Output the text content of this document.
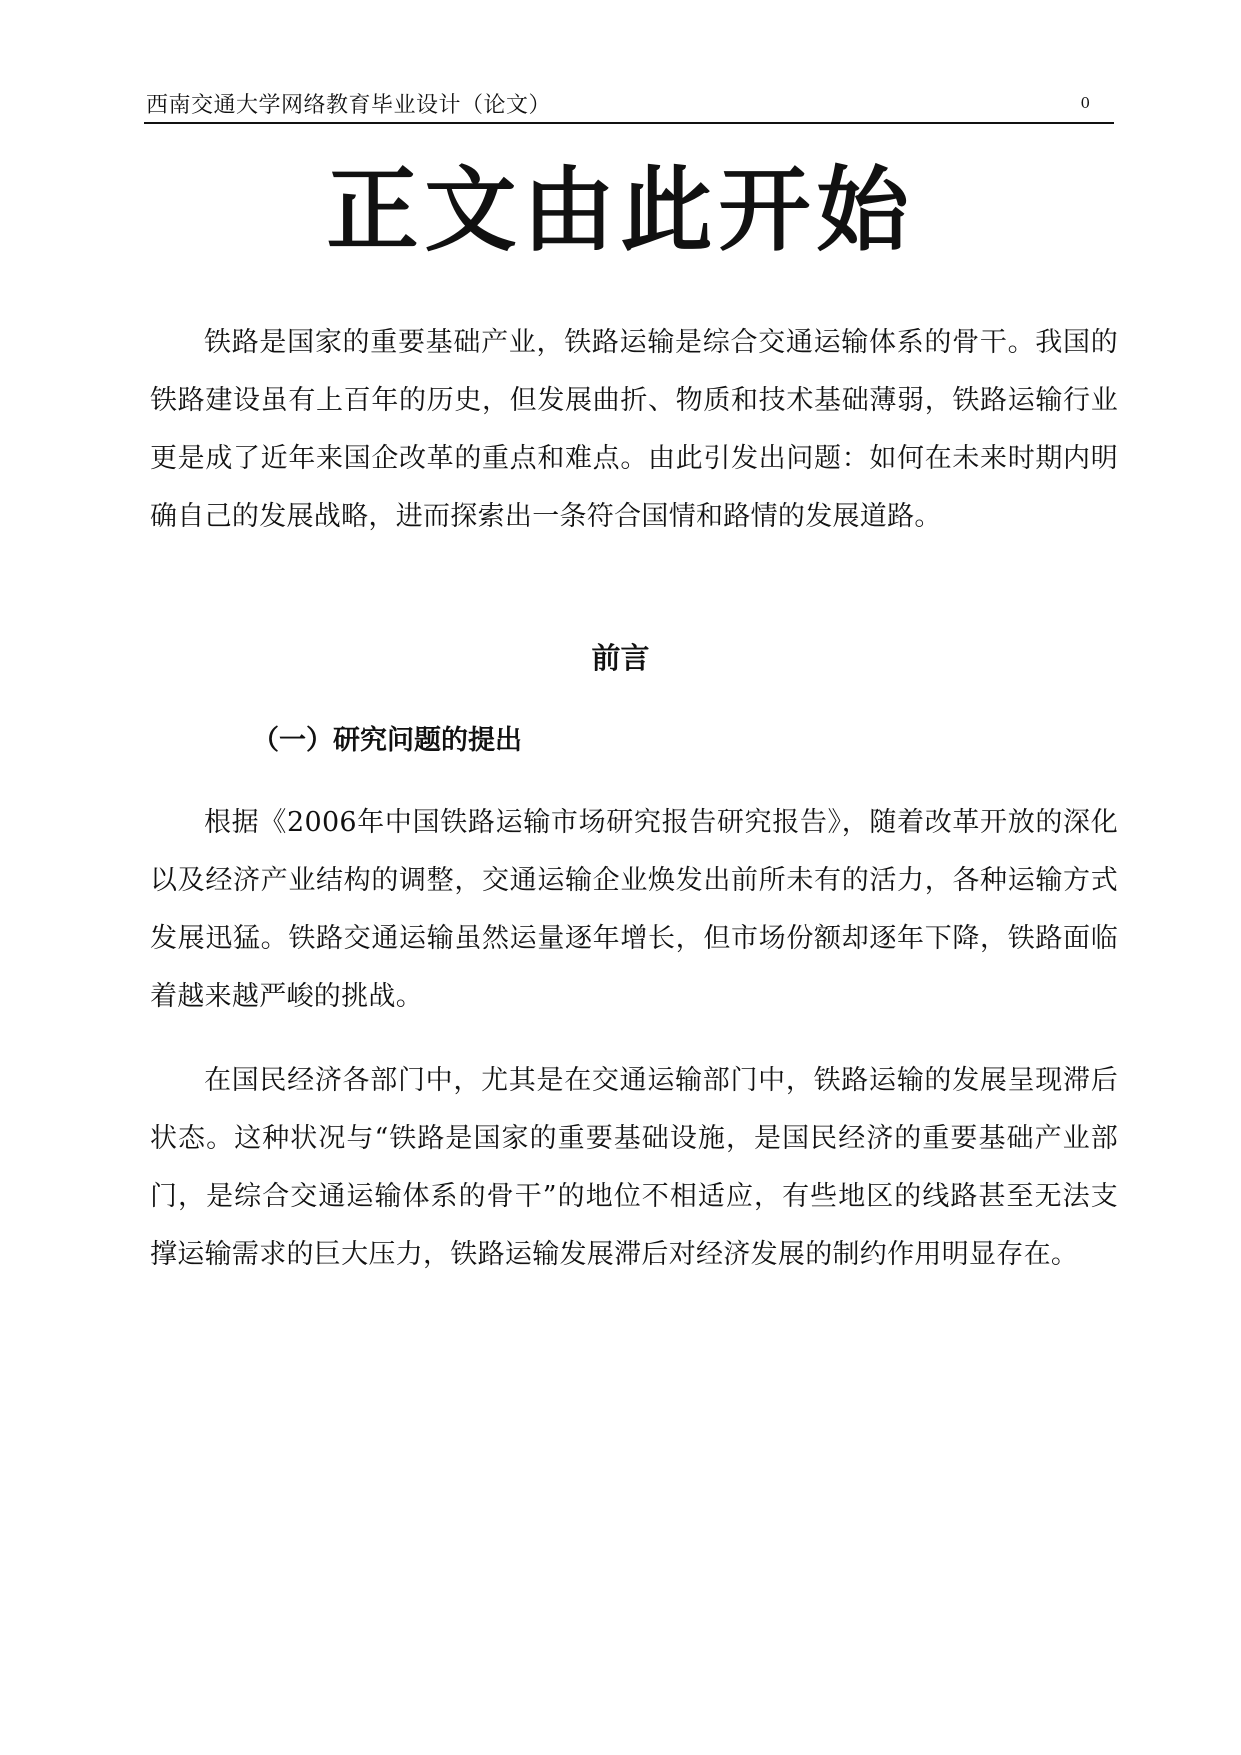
西南交通大学网络教育毕业设计（论文）	0
正文由此开始

铁路是国家的重要基础产业，铁路运输是综合交通运输体系的骨干。我国的铁路建设虽有上百年的历史，但发展曲折、物质和技术基础薄弱，铁路运输行业更是成了近年来国企改革的重点和难点。由此引发出问题：如何在未来时期内明确自己的发展战略，进而探索出一条符合国情和路情的发展道路。

前言
（一）研究问题的提出

根据《2006年中国铁路运输市场研究报告研究报告》，随着改革开放的深化以及经济产业结构的调整，交通运输企业焕发出前所未有的活力，各种运输方式发展迅猛。铁路交通运输虽然运量逐年增长，但市场份额却逐年下降，铁路面临着越来越严峻的挑战。

在国民经济各部门中，尤其是在交通运输部门中，铁路运输的发展呈现滞后状态。这种状况与“铁路是国家的重要基础设施，是国民经济的重要基础产业部门，是综合交通运输体系的骨干”的地位不相适应，有些地区的线路甚至无法支撑运输需求的巨大压力，铁路运输发展滞后对经济发展的制约作用明显存在。
